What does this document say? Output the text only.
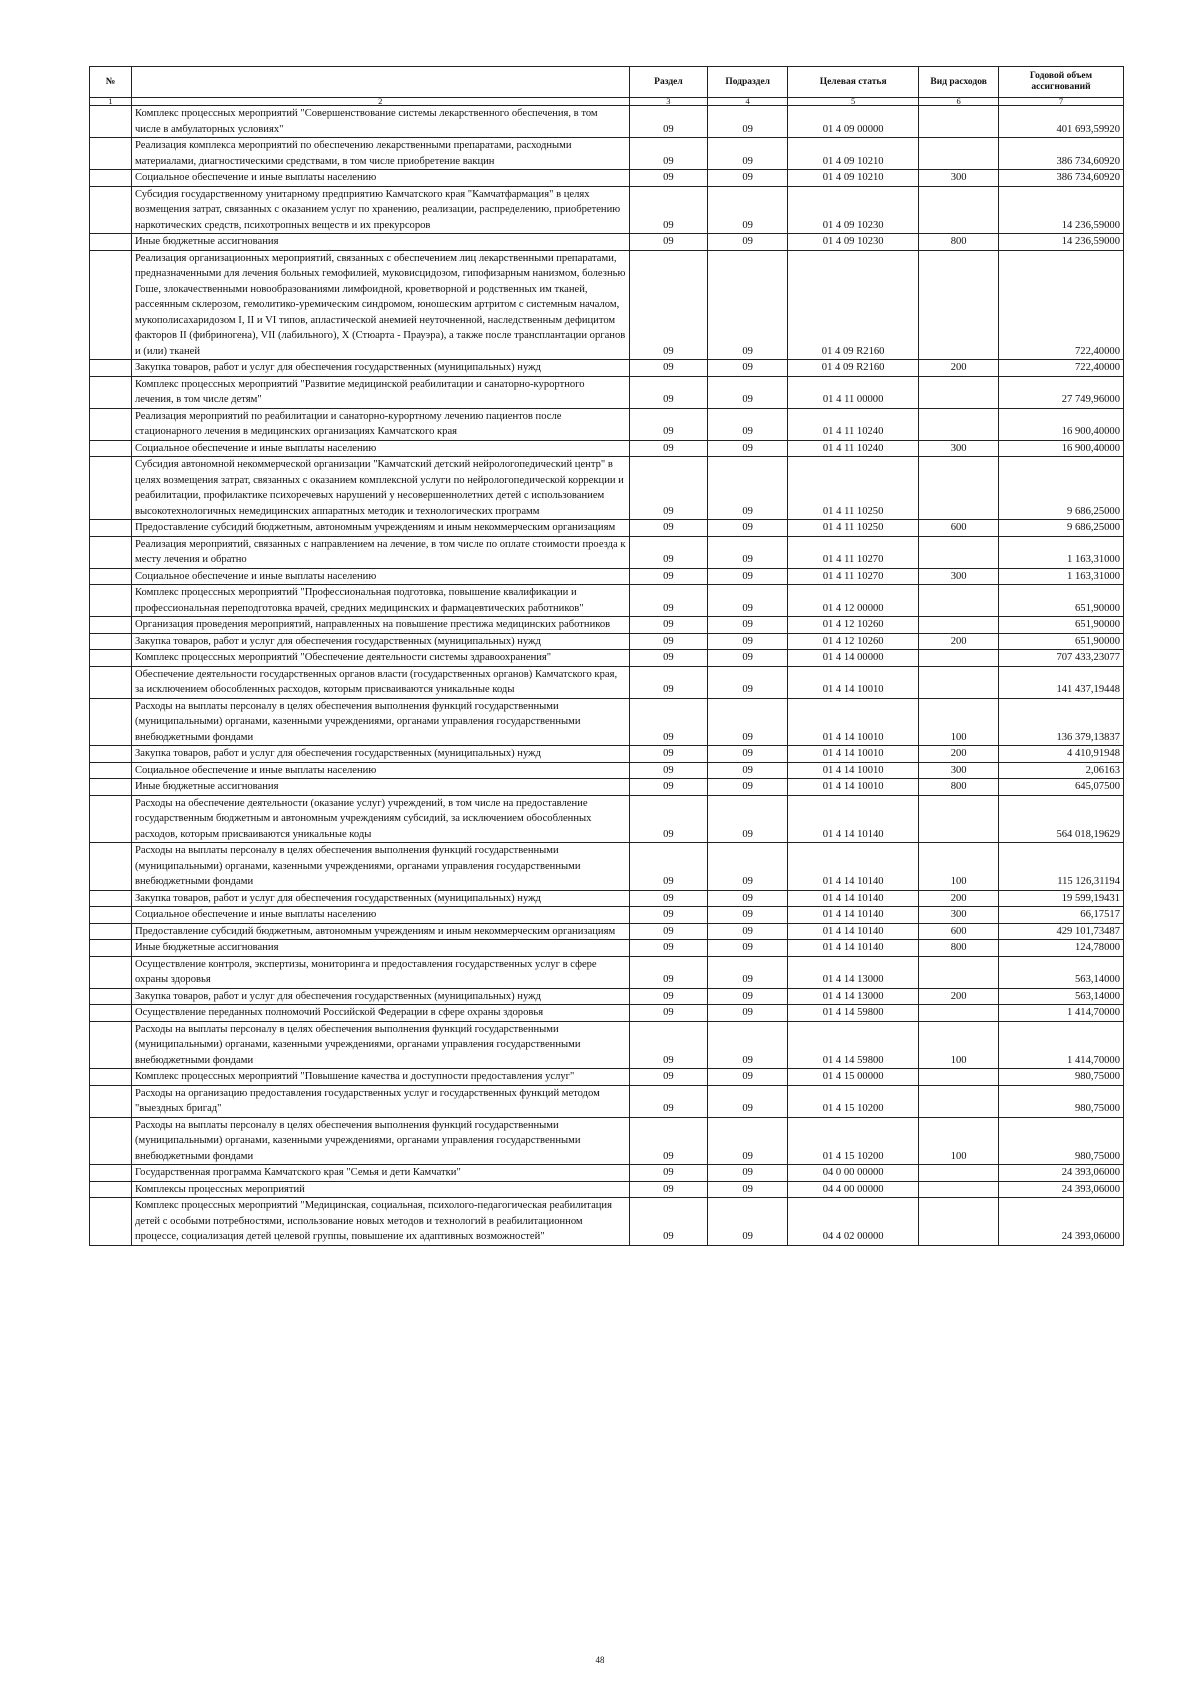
№		Раздел	Подраздел	Целевая статья	Вид расходов	Годовой объем ассигнований
1	2	3	4	5	6	7
	Комплекс процессных мероприятий "Совершенствование системы лекарственного обеспечения, в том числе в амбулаторных условиях"	09	09	01 4 09 00000		401 693,59920
	Реализация комплекса мероприятий по обеспечению лекарственными препаратами, расходными материалами, диагностическими средствами, в том числе приобретение вакцин	09	09	01 4 09 10210		386 734,60920
	Социальное обеспечение и иные выплаты населению	09	09	01 4 09 10210	300	386 734,60920
	Субсидия государственному унитарному предприятию Камчатского края "Камчатфармация" в целях возмещения затрат, связанных с оказанием услуг по хранению, реализации, распределению, приобретению наркотических средств, психотропных веществ и их прекурсоров	09	09	01 4 09 10230		14 236,59000
	Иные бюджетные ассигнования	09	09	01 4 09 10230	800	14 236,59000
	Реализация организационных мероприятий, связанных с обеспечением лиц лекарственными препаратами, предназначенными для лечения больных гемофилией, муковисцидозом, гипофизарным нанизмом, болезнью Гоше, злокачественными новообразованиями лимфоидной, кроветворной и родственных им тканей, рассеянным склерозом, гемолитико-уремическим синдромом, юношеским артритом с системным началом, мукополисахаридозом I, II и VI типов, апластической анемией неуточненной, наследственным дефицитом факторов II (фибриногена), VII (лабильного), X (Стюарта - Прауэра), а также после трансплантации органов и (или) тканей	09	09	01 4 09 R2160		722,40000
	Закупка товаров, работ и услуг для обеспечения государственных (муниципальных) нужд	09	09	01 4 09 R2160	200	722,40000
	Комплекс процессных мероприятий "Развитие медицинской реабилитации и санаторно-курортного лечения, в том числе детям"	09	09	01 4 11 00000		27 749,96000
	Реализация мероприятий по реабилитации и санаторно-курортному лечению пациентов после стационарного лечения в медицинских организациях Камчатского края	09	09	01 4 11 10240		16 900,40000
	Социальное обеспечение и иные выплаты населению	09	09	01 4 11 10240	300	16 900,40000
	Субсидия автономной некоммерческой организации "Камчатский детский нейрологопедический центр" в целях возмещения затрат, связанных с оказанием комплексной услуги по нейрологопедической коррекции и реабилитации, профилактике психоречевых нарушений у несовершеннолетних детей с использованием высокотехнологичных немедицинских аппаратных методик и технологических программ	09	09	01 4 11 10250		9 686,25000
	Предоставление субсидий бюджетным, автономным учреждениям и иным некоммерческим организациям	09	09	01 4 11 10250	600	9 686,25000
	Реализация мероприятий, связанных с направлением на лечение, в том числе по оплате стоимости проезда к месту лечения и обратно	09	09	01 4 11 10270		1 163,31000
	Социальное обеспечение и иные выплаты населению	09	09	01 4 11 10270	300	1 163,31000
	Комплекс процессных мероприятий "Профессиональная подготовка, повышение квалификации и профессиональная переподготовка врачей, средних медицинских и фармацевтических работников"	09	09	01 4 12 00000		651,90000
	Организация проведения мероприятий, направленных на повышение престижа медицинских работников	09	09	01 4 12 10260		651,90000
	Закупка товаров, работ и услуг для обеспечения государственных (муниципальных) нужд	09	09	01 4 12 10260	200	651,90000
	Комплекс процессных мероприятий "Обеспечение деятельности системы здравоохранения"	09	09	01 4 14 00000		707 433,23077
	Обеспечение деятельности государственных органов власти (государственных органов) Камчатского края, за исключением обособленных расходов, которым присваиваются уникальные коды	09	09	01 4 14 10010		141 437,19448
	Расходы на выплаты персоналу в целях обеспечения выполнения функций государственными (муниципальными) органами, казенными учреждениями, органами управления государственными внебюджетными фондами	09	09	01 4 14 10010	100	136 379,13837
	Закупка товаров, работ и услуг для обеспечения государственных (муниципальных) нужд	09	09	01 4 14 10010	200	4 410,91948
	Социальное обеспечение и иные выплаты населению	09	09	01 4 14 10010	300	2,06163
	Иные бюджетные ассигнования	09	09	01 4 14 10010	800	645,07500
	Расходы на обеспечение деятельности (оказание услуг) учреждений, в том числе на предоставление государственным бюджетным и автономным учреждениям субсидий, за исключением обособленных расходов, которым присваиваются уникальные коды	09	09	01 4 14 10140		564 018,19629
	Расходы на выплаты персоналу в целях обеспечения выполнения функций государственными (муниципальными) органами, казенными учреждениями, органами управления государственными внебюджетными фондами	09	09	01 4 14 10140	100	115 126,31194
	Закупка товаров, работ и услуг для обеспечения государственных (муниципальных) нужд	09	09	01 4 14 10140	200	19 599,19431
	Социальное обеспечение и иные выплаты населению	09	09	01 4 14 10140	300	66,17517
	Предоставление субсидий бюджетным, автономным учреждениям и иным некоммерческим организациям	09	09	01 4 14 10140	600	429 101,73487
	Иные бюджетные ассигнования	09	09	01 4 14 10140	800	124,78000
	Осуществление контроля, экспертизы, мониторинга и предоставления государственных услуг в сфере охраны здоровья	09	09	01 4 14 13000		563,14000
	Закупка товаров, работ и услуг для обеспечения государственных (муниципальных) нужд	09	09	01 4 14 13000	200	563,14000
	Осуществление переданных полномочий Российской Федерации в сфере охраны здоровья	09	09	01 4 14 59800		1 414,70000
	Расходы на выплаты персоналу в целях обеспечения выполнения функций государственными (муниципальными) органами, казенными учреждениями, органами управления государственными внебюджетными фондами	09	09	01 4 14 59800	100	1 414,70000
	Комплекс процессных мероприятий "Повышение качества и доступности предоставления услуг"	09	09	01 4 15 00000		980,75000
	Расходы на организацию предоставления государственных услуг и государственных функций методом "выездных бригад"	09	09	01 4 15 10200		980,75000
	Расходы на выплаты персоналу в целях обеспечения выполнения функций государственными (муниципальными) органами, казенными учреждениями, органами управления государственными внебюджетными фондами	09	09	01 4 15 10200	100	980,75000
	Государственная программа Камчатского края "Семья и дети Камчатки"	09	09	04 0 00 00000		24 393,06000
	Комплексы процессных мероприятий	09	09	04 4 00 00000		24 393,06000
	Комплекс процессных мероприятий "Медицинская, социальная, психолого-педагогическая реабилитация детей с особыми потребностями, использование новых методов и технологий в реабилитационном процессе, социализация детей целевой группы, повышение их адаптивных возможностей"	09	09	04 4 02 00000		24 393,06000
48
